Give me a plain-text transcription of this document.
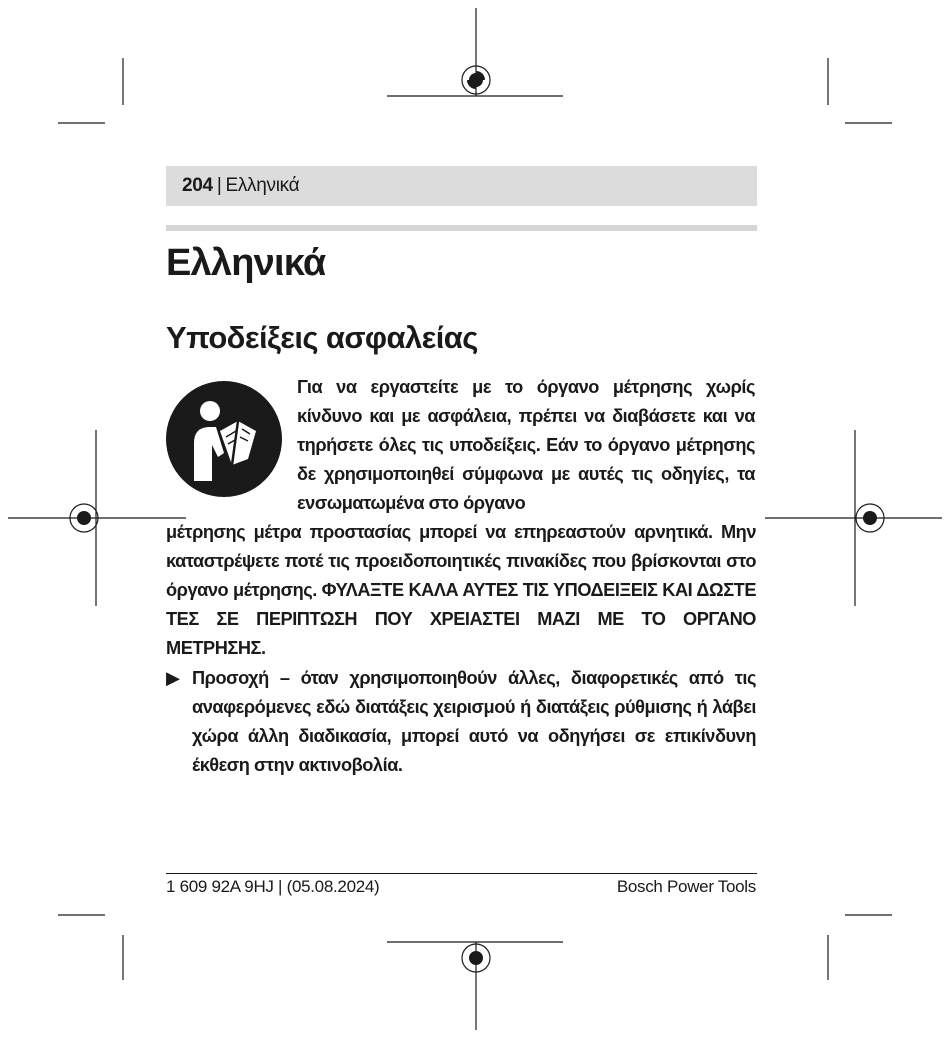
204 | Ελληνικά
Ελληνικά
Υποδείξεις ασφαλείας

Για να εργαστείτε με το όργανο μέτρησης χωρίς κίνδυνο και με ασφάλεια, πρέπει να διαβάσετε και να τηρήσετε όλες τις υποδείξεις. Εάν το όργανο μέτρησης δε χρησιμοποιηθεί σύμφωνα με αυτές τις οδηγίες, τα ενσωματωμένα στο όργανο

μέτρησης μέτρα προστασίας μπορεί να επηρεαστούν αρνητικά. Μην καταστρέψετε ποτέ τις προειδοποιητικές πινακίδες που βρίσκονται στο όργανο μέτρησης. ΦΥΛΑΞΤΕ ΚΑΛΑ ΑΥΤΕΣ ΤΙΣ ΥΠΟΔΕΙΞΕΙΣ ΚΑΙ ΔΩΣΤΕ ΤΕΣ ΣΕ ΠΕΡΙΠΤΩΣΗ ΠΟΥ ΧΡΕΙΑΣΤΕΙ ΜΑΖΙ ΜΕ ΤΟ ΟΡΓΑΝΟ ΜΕΤΡΗΣΗΣ.

▶ Προσοχή – όταν χρησιμοποιηθούν άλλες, διαφορετικές από τις αναφερόμενες εδώ διατάξεις χειρισμού ή διατάξεις ρύθμισης ή λάβει χώρα άλλη διαδικασία, μπορεί αυτό να οδηγήσει σε επικίνδυνη έκθεση στην ακτινοβολία.
1 609 92A 9HJ | (05.08.2024)	Bosch Power Tools
